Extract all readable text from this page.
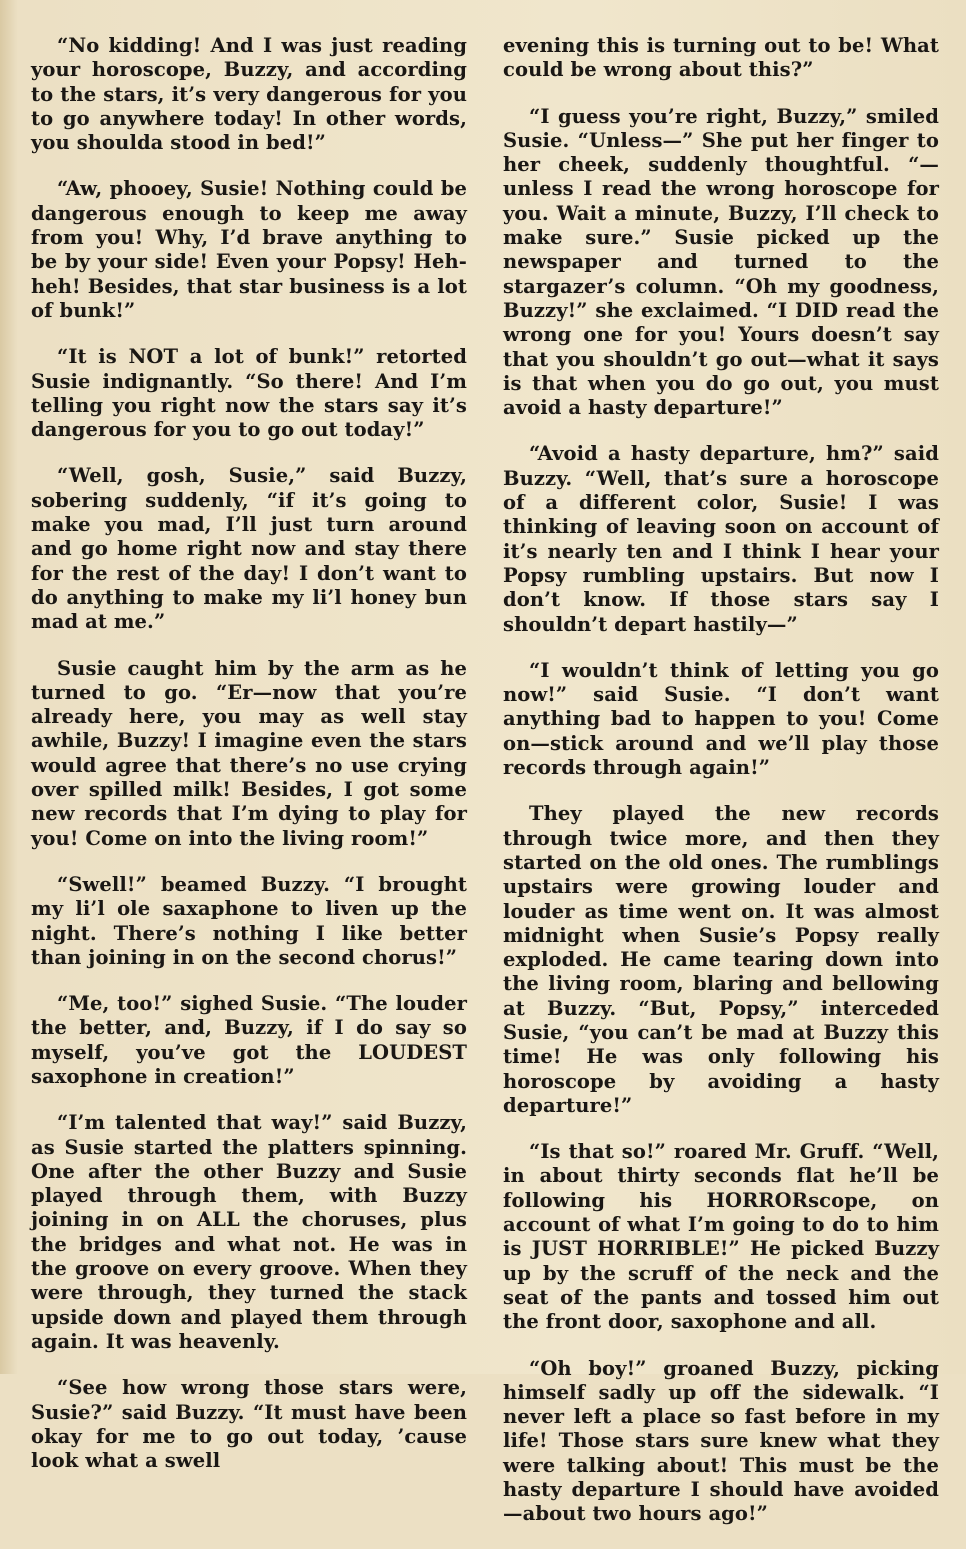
“No kidding! And I was just reading your horoscope, Buzzy, and according to the stars, it’s very dangerous for you to go anywhere today! In other words, you shoulda stood in bed!”

“Aw, phooey, Susie! Nothing could be dangerous enough to keep me away from you! Why, I’d brave anything to be by your side! Even your Popsy! Heh-heh! Besides, that star business is a lot of bunk!”

“It is NOT a lot of bunk!” retorted Susie indignantly. “So there! And I’m telling you right now the stars say it’s dangerous for you to go out today!”

“Well, gosh, Susie,” said Buzzy, sobering suddenly, “if it’s going to make you mad, I’ll just turn around and go home right now and stay there for the rest of the day! I don’t want to do anything to make my li’l honey bun mad at me.”

Susie caught him by the arm as he turned to go. “Er—now that you’re already here, you may as well stay awhile, Buzzy! I imagine even the stars would agree that there’s no use crying over spilled milk! Besides, I got some new records that I’m dying to play for you! Come on into the living room!”

“Swell!” beamed Buzzy. “I brought my li’l ole saxaphone to liven up the night. There’s nothing I like better than joining in on the second chorus!”

“Me, too!” sighed Susie. “The louder the better, and, Buzzy, if I do say so myself, you’ve got the LOUDEST saxophone in creation!”

“I’m talented that way!” said Buzzy, as Susie started the platters spinning. One after the other Buzzy and Susie played through them, with Buzzy joining in on ALL the choruses, plus the bridges and what not. He was in the groove on every groove. When they were through, they turned the stack upside down and played them through again. It was heavenly.

“See how wrong those stars were, Susie?” said Buzzy. “It must have been okay for me to go out today, ’cause look what a swell

evening this is turning out to be! What could be wrong about this?”

“I guess you’re right, Buzzy,” smiled Susie. “Unless—” She put her finger to her cheek, suddenly thoughtful. “—unless I read the wrong horoscope for you. Wait a minute, Buzzy, I’ll check to make sure.” Susie picked up the newspaper and turned to the stargazer’s column. “Oh my goodness, Buzzy!” she exclaimed. “I DID read the wrong one for you! Yours doesn’t say that you shouldn’t go out—what it says is that when you do go out, you must avoid a hasty departure!”

“Avoid a hasty departure, hm?” said Buzzy. “Well, that’s sure a horoscope of a different color, Susie! I was thinking of leaving soon on account of it’s nearly ten and I think I hear your Popsy rumbling upstairs. But now I don’t know. If those stars say I shouldn’t depart hastily—”

“I wouldn’t think of letting you go now!” said Susie. “I don’t want anything bad to happen to you! Come on—stick around and we’ll play those records through again!”

They played the new records through twice more, and then they started on the old ones. The rumblings upstairs were growing louder and louder as time went on. It was almost midnight when Susie’s Popsy really exploded. He came tearing down into the living room, blaring and bellowing at Buzzy. “But, Popsy,” interceded Susie, “you can’t be mad at Buzzy this time! He was only following his horoscope by avoiding a hasty departure!”

“Is that so!” roared Mr. Gruff. “Well, in about thirty seconds flat he’ll be following his HORRORscope, on account of what I’m going to do to him is JUST HORRIBLE!” He picked Buzzy up by the scruff of the neck and the seat of the pants and tossed him out the front door, saxophone and all.

“Oh boy!” groaned Buzzy, picking himself sadly up off the sidewalk. “I never left a place so fast before in my life! Those stars sure knew what they were talking about! This must be the hasty departure I should have avoided—about two hours ago!”
